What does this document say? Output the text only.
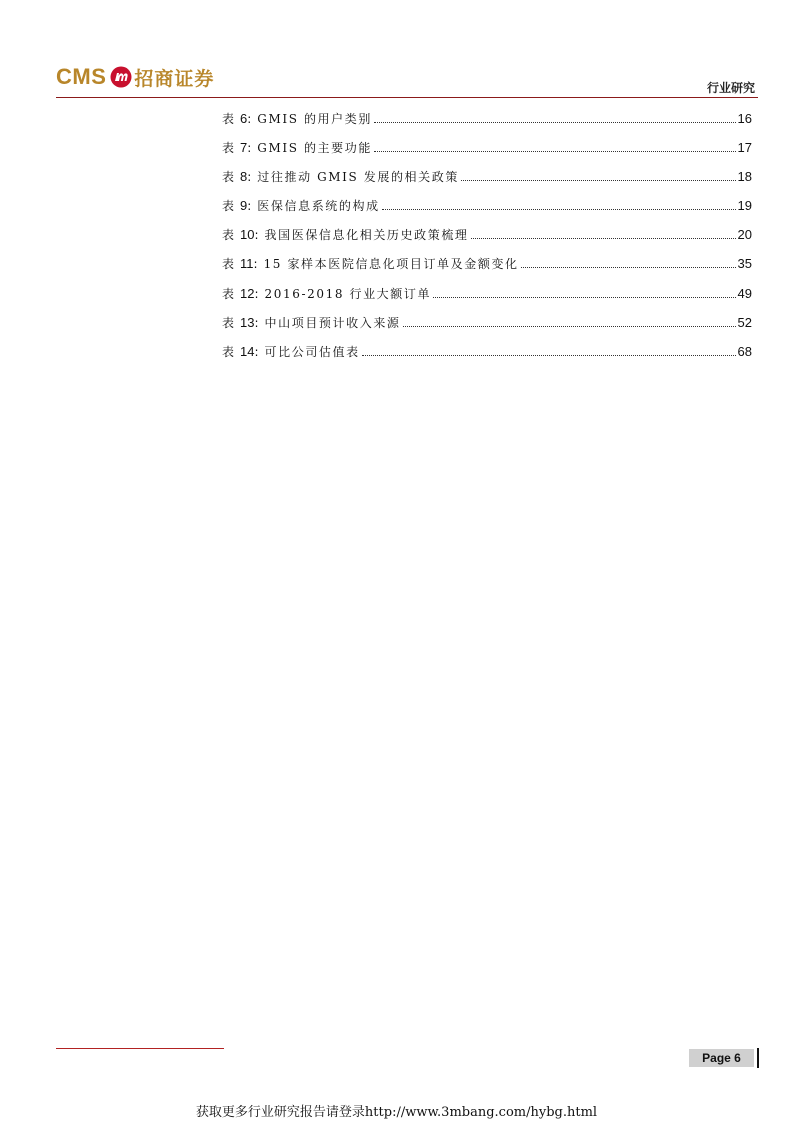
CMS 招商证券	行业研究
表 6 : GMIS 的用户类别	16
表 7 : GMIS 的主要功能	17
表 8 : 过往推动 GMIS 发展的相关政策	18
表 9 : 医保信息系统的构成	19
表 10 : 我国医保信息化相关历史政策梳理	20
表 11 : 15 家样本医院信息化项目订单及金额变化	35
表 12 : 2016-2018 行业大额订单	49
表 13 : 中山项目预计收入来源	52
表 14 : 可比公司估值表	68
Page 6
获取更多行业研究报告请登录http://www.3mbang.com/hybg.html
